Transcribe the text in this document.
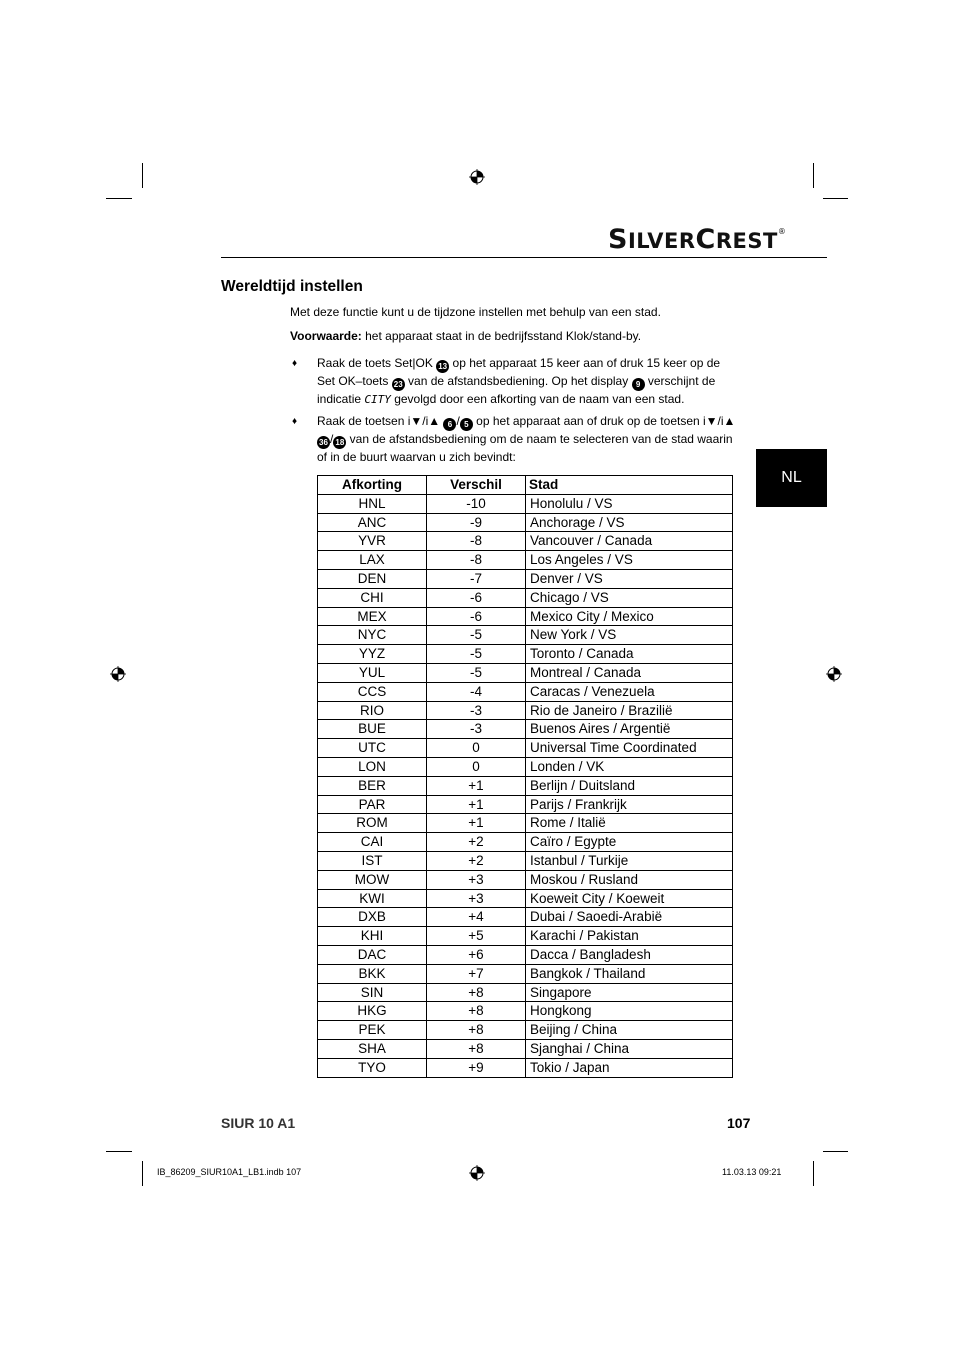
SILVERCREST®
NL
Wereldtijd instellen
Met deze functie kunt u de tijdzone instellen met behulp van een stad.
Voorwaarde: het apparaat staat in de bedrijfsstand Klok/stand-by.
♦ Raak de toets Set|OK 13 op het apparaat 15 keer aan of druk 15 keer op de Set OK–toets 23 van de afstandsbediening. Op het display 9 verschijnt de indicatie CITY gevolgd door een afkorting van de naam van een stad.
♦ Raak de toetsen i▼/i▲ 6 / 5 op het apparaat aan of druk op de toetsen i▼/i▲ 36 / 18 van de afstandsbediening om de naam te selecteren van de stad waarin of in de buurt waarvan u zich bevindt:
Afkorting	Verschil	Stad
HNL	-10	Honolulu / VS
ANC	-9	Anchorage / VS
YVR	-8	Vancouver / Canada
LAX	-8	Los Angeles / VS
DEN	-7	Denver / VS
CHI	-6	Chicago / VS
MEX	-6	Mexico City / Mexico
NYC	-5	New York / VS
YYZ	-5	Toronto / Canada
YUL	-5	Montreal / Canada
CCS	-4	Caracas / Venezuela
RIO	-3	Rio de Janeiro / Brazilië
BUE	-3	Buenos Aires / Argentië
UTC	0	Universal Time Coordinated
LON	0	Londen / VK
BER	+1	Berlijn / Duitsland
PAR	+1	Parijs / Frankrijk
ROM	+1	Rome / Italië
CAI	+2	Caïro / Egypte
IST	+2	Istanbul / Turkije
MOW	+3	Moskou / Rusland
KWI	+3	Koeweit City / Koeweit
DXB	+4	Dubai / Saoedi-Arabië
KHI	+5	Karachi / Pakistan
DAC	+6	Dacca / Bangladesh
BKK	+7	Bangkok / Thailand
SIN	+8	Singapore
HKG	+8	Hongkong
PEK	+8	Beijing / China
SHA	+8	Sjanghai / China
TYO	+9	Tokio / Japan
SIUR 10 A1	107
IB_86209_SIUR10A1_LB1.indb 107	11.03.13 09:21
